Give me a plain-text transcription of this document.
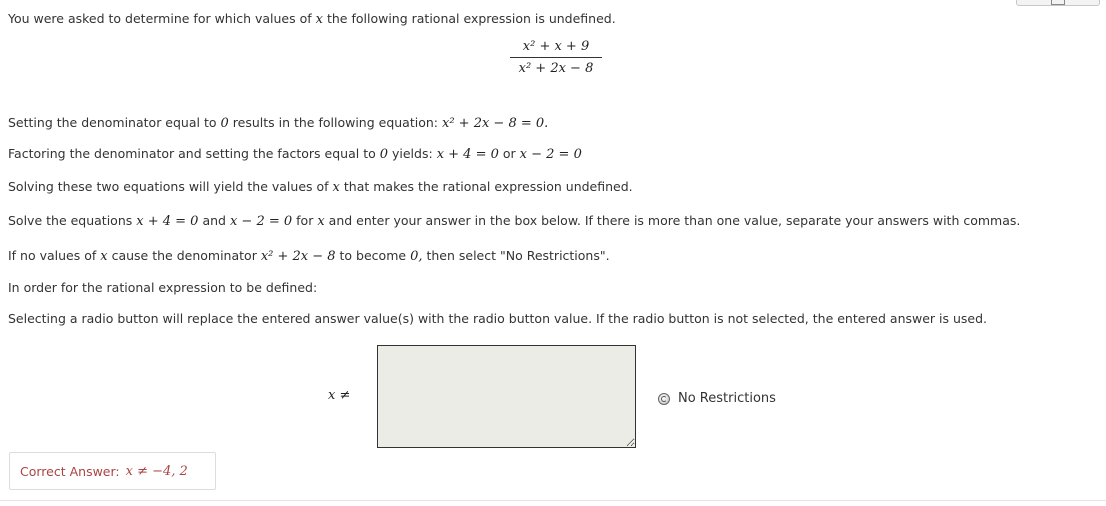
You were asked to determine for which values of x the following rational expression is undefined.
x² + x + 9
x² + 2x − 8
Setting the denominator equal to 0 results in the following equation: x² + 2x − 8 = 0.
Factoring the denominator and setting the factors equal to 0 yields: x + 4 = 0 or x − 2 = 0
Solving these two equations will yield the values of x that makes the rational expression undefined.
Solve the equations x + 4 = 0 and x − 2 = 0 for x and enter your answer in the box below. If there is more than one value, separate your answers with commas.
If no values of x cause the denominator x² + 2x − 8 to become 0, then select "No Restrictions".
In order for the rational expression to be defined:
Selecting a radio button will replace the entered answer value(s) with the radio button value. If the radio button is not selected, the entered answer is used.
x ≠	No Restrictions
Correct Answer: x ≠ −4, 2
